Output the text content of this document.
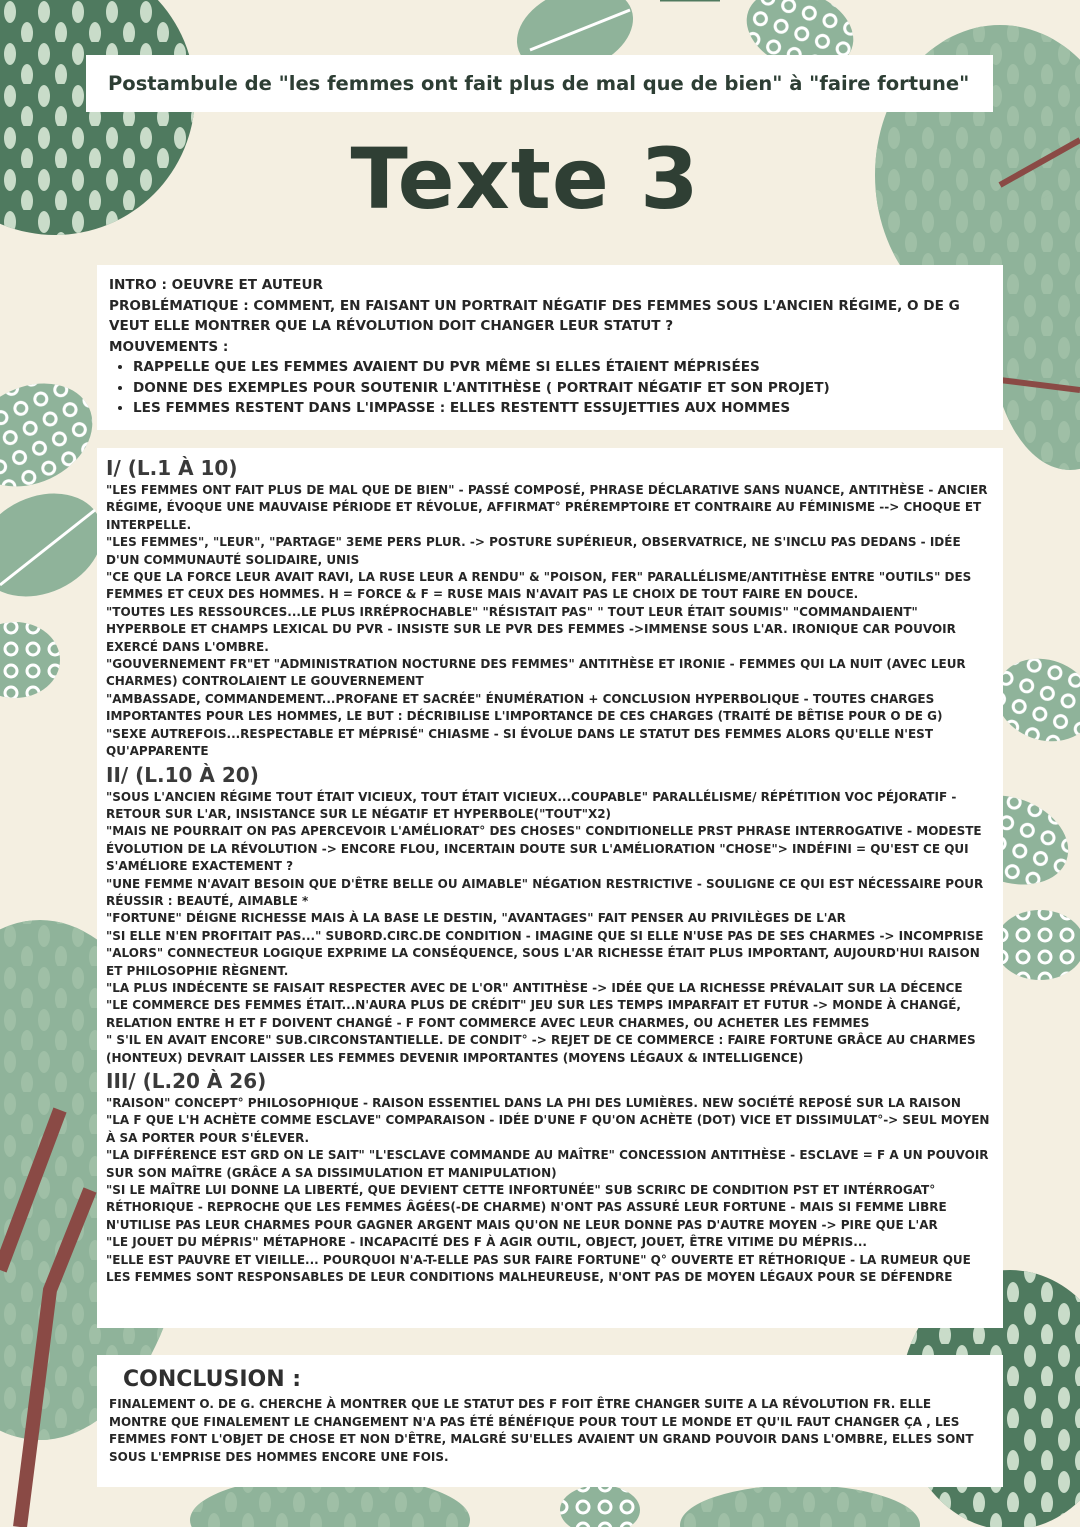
Postambule de "les femmes ont fait plus de mal que de bien" à "faire fortune"
Texte 3

INTRO : OEUVRE ET AUTEUR

PROBLÉMATIQUE : COMMENT, EN FAISANT UN PORTRAIT NÉGATIF DES FEMMES SOUS L'ANCIEN RÉGIME, O DE G VEUT ELLE MONTRER QUE LA RÉVOLUTION DOIT CHANGER LEUR STATUT ?

MOUVEMENTS :

• RAPPELLE QUE LES FEMMES AVAIENT DU PVR MÊME SI ELLES ÉTAIENT MÉPRISÉES
• DONNE DES EXEMPLES POUR SOUTENIR L'ANTITHÈSE ( PORTRAIT NÉGATIF ET SON PROJET)
• LES FEMMES RESTENT DANS L'IMPASSE : ELLES RESTENTT ESSUJETTIES AUX HOMMES
I/ (L.1 À 10)

"LES FEMMES ONT FAIT PLUS DE MAL QUE DE BIEN" - PASSÉ COMPOSÉ, PHRASE DÉCLARATIVE SANS NUANCE, ANTITHÈSE - ANCIER RÉGIME, ÉVOQUE UNE MAUVAISE PÉRIODE ET RÉVOLUE, AFFIRMAT° PRÉREMPTOIRE ET CONTRAIRE AU FÉMINISME --> CHOQUE ET INTERPELLE.

"LES FEMMES", "LEUR", "PARTAGE" 3EME PERS PLUR. -> POSTURE SUPÉRIEUR, OBSERVATRICE, NE S'INCLU PAS DEDANS - IDÉE D'UN COMMUNAUTÉ SOLIDAIRE, UNIS

"CE QUE LA FORCE LEUR AVAIT RAVI, LA RUSE LEUR A RENDU" & "POISON, FER" PARALLÉLISME/ANTITHÈSE ENTRE "OUTILS" DES FEMMES ET CEUX DES HOMMES. H = FORCE & F = RUSE MAIS N'AVAIT PAS LE CHOIX DE TOUT FAIRE EN DOUCE.

"TOUTES LES RESSOURCES...LE PLUS IRRÉPROCHABLE" "RÉSISTAIT PAS" " TOUT LEUR ÉTAIT SOUMIS" "COMMANDAIENT" HYPERBOLE ET CHAMPS LEXICAL DU PVR - INSISTE SUR LE PVR DES FEMMES ->IMMENSE SOUS L'AR. IRONIQUE CAR POUVOIR EXERCÉ DANS L'OMBRE.

"GOUVERNEMENT FR"ET "ADMINISTRATION NOCTURNE DES FEMMES" ANTITHÈSE ET IRONIE - FEMMES QUI LA NUIT (AVEC LEUR CHARMES) CONTROLAIENT LE GOUVERNEMENT

"AMBASSADE, COMMANDEMENT...PROFANE ET SACRÉE" ÉNUMÉRATION + CONCLUSION HYPERBOLIQUE - TOUTES CHARGES IMPORTANTES POUR LES HOMMES, LE BUT : DÉCRIBILISE L'IMPORTANCE DE CES CHARGES (TRAITÉ DE BÊTISE POUR O DE G)

"SEXE AUTREFOIS...RESPECTABLE ET MÉPRISÉ" CHIASME - SI ÉVOLUE DANS LE STATUT DES FEMMES ALORS QU'ELLE N'EST QU'APPARENTE

II/ (L.10 À 20)

"SOUS L'ANCIEN RÉGIME TOUT ÉTAIT VICIEUX, TOUT ÉTAIT VICIEUX...COUPABLE" PARALLÉLISME/ RÉPÉTITION VOC PÉJORATIF - RETOUR SUR L'AR, INSISTANCE SUR LE NÉGATIF ET HYPERBOLE("TOUT"X2)

"MAIS NE POURRAIT ON PAS APERCEVOIR L'AMÉLIORAT° DES CHOSES" CONDITIONELLE PRST PHRASE INTERROGATIVE - MODESTE ÉVOLUTION DE LA RÉVOLUTION -> ENCORE FLOU, INCERTAIN DOUTE SUR L'AMÉLIORATION "CHOSE"> INDÉFINI = QU'EST CE QUI S'AMÉLIORE EXACTEMENT ?

"UNE FEMME N'AVAIT BESOIN QUE D'ÊTRE BELLE OU AIMABLE" NÉGATION RESTRICTIVE - SOULIGNE CE QUI EST NÉCESSAIRE POUR RÉUSSIR : BEAUTÉ, AIMABLE *

"FORTUNE" DÉIGNE RICHESSE MAIS À LA BASE LE DESTIN, "AVANTAGES" FAIT PENSER AU PRIVILÈGES DE L'AR

"SI ELLE N'EN PROFITAIT PAS..." SUBORD.CIRC.DE CONDITION - IMAGINE QUE SI ELLE N'USE PAS DE SES CHARMES -> INCOMPRISE

"ALORS" CONNECTEUR LOGIQUE EXPRIME LA CONSÉQUENCE, SOUS L'AR RICHESSE ÉTAIT PLUS IMPORTANT, AUJOURD'HUI RAISON ET PHILOSOPHIE RÈGNENT.

"LA PLUS INDÉCENTE SE FAISAIT RESPECTER AVEC DE L'OR" ANTITHÈSE -> IDÉE QUE LA RICHESSE PRÉVALAIT SUR LA DÉCENCE

"LE COMMERCE DES FEMMES ÉTAIT...N'AURA PLUS DE CRÉDIT" JEU SUR LES TEMPS IMPARFAIT ET FUTUR -> MONDE À CHANGÉ, RELATION ENTRE H ET F DOIVENT CHANGÉ - F FONT COMMERCE AVEC LEUR CHARMES, OU ACHETER LES FEMMES

" S'IL EN AVAIT ENCORE" SUB.CIRCONSTANTIELLE. DE CONDIT° -> REJET DE CE COMMERCE : FAIRE FORTUNE GRÂCE AU CHARMES (HONTEUX) DEVRAIT LAISSER LES FEMMES DEVENIR IMPORTANTES (MOYENS LÉGAUX & INTELLIGENCE)

III/ (L.20 À 26)

"RAISON" CONCEPT° PHILOSOPHIQUE - RAISON ESSENTIEL DANS LA PHI DES LUMIÈRES. NEW SOCIÉTÉ REPOSÉ SUR LA RAISON

"LA F QUE L'H ACHÈTE COMME ESCLAVE" COMPARAISON - IDÉE D'UNE F QU'ON ACHÈTE (DOT) VICE ET DISSIMULAT°-> SEUL MOYEN À SA PORTER POUR S'ÉLEVER.

"LA DIFFÉRENCE EST GRD ON LE SAIT" "L'ESCLAVE COMMANDE AU MAÎTRE" CONCESSION ANTITHÈSE - ESCLAVE = F A UN POUVOIR SUR SON MAÎTRE (GRÂCE A SA DISSIMULATION ET MANIPULATION)

"SI LE MAÎTRE LUI DONNE LA LIBERTÉ, QUE DEVIENT CETTE INFORTUNÉE" SUB SCRIRC DE CONDITION PST ET INTÉRROGAT° RÉTHORIQUE - REPROCHE QUE LES FEMMES ÂGÉES(-DE CHARME) N'ONT PAS ASSURÉ LEUR FORTUNE - MAIS SI FEMME LIBRE N'UTILISE PAS LEUR CHARMES POUR GAGNER ARGENT MAIS QU'ON NE LEUR DONNE PAS D'AUTRE MOYEN -> PIRE QUE L'AR

"LE JOUET DU MÉPRIS" MÉTAPHORE - INCAPACITÉ DES F À AGIR OUTIL, OBJECT, JOUET, ÊTRE VITIME DU MÉPRIS...

"ELLE EST PAUVRE ET VIEILLE... POURQUOI N'A-T-ELLE PAS SUR FAIRE FORTUNE" Q° OUVERTE ET RÉTHORIQUE - LA RUMEUR QUE LES FEMMES SONT RESPONSABLES DE LEUR CONDITIONS MALHEUREUSE, N'ONT PAS DE MOYEN LÉGAUX POUR SE DÉFENDRE

CONCLUSION :

FINALEMENT O. DE G. CHERCHE À MONTRER QUE LE STATUT DES F FOIT ÊTRE CHANGER SUITE A LA RÉVOLUTION FR. ELLE MONTRE QUE FINALEMENT LE CHANGEMENT N'A PAS ÉTÉ BÉNÉFIQUE POUR TOUT LE MONDE ET QU'IL FAUT CHANGER ÇA , LES FEMMES FONT L'OBJET DE CHOSE ET NON D'ÊTRE, MALGRÉ SU'ELLES AVAIENT UN GRAND POUVOIR DANS L'OMBRE, ELLES SONT SOUS L'EMPRISE DES HOMMES ENCORE UNE FOIS.
